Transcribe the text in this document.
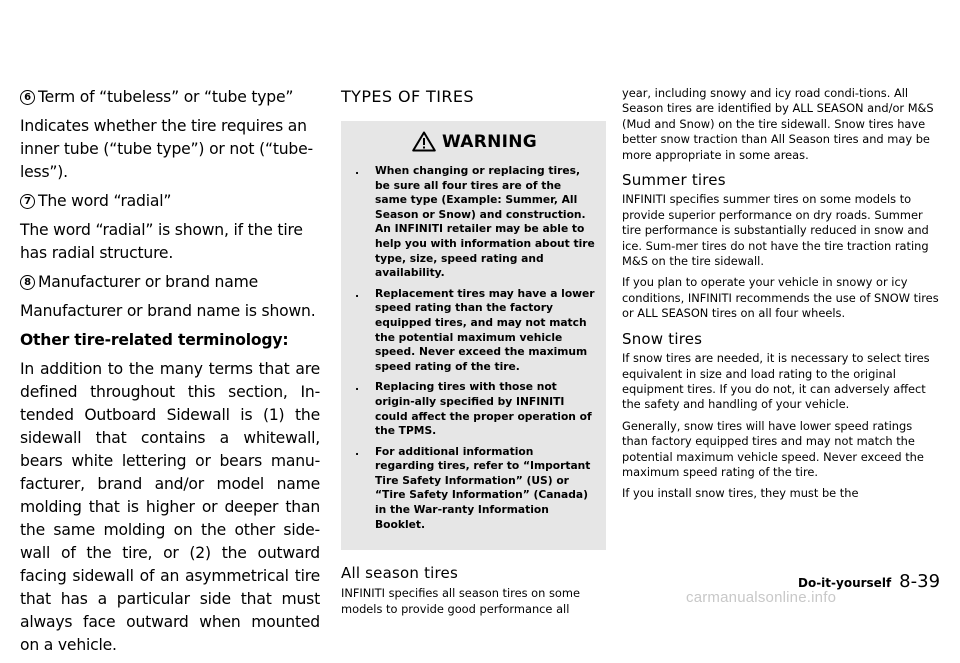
6 Term of “tubeless” or “tube type”

Indicates whether the tire requires an inner tube (“tube type”) or not (“tube-less”).

7 The word “radial”

The word “radial” is shown, if the tire has radial structure.

8 Manufacturer or brand name

Manufacturer or brand name is shown.

Other tire-related terminology:

In addition to the many terms that are defined throughout this section, In-tended Outboard Sidewall is (1) the sidewall that contains a whitewall, bears white lettering or bears manu-facturer, brand and/or model name molding that is higher or deeper than the same molding on the other side-wall of the tire, or (2) the outward facing sidewall of an asymmetrical tire that has a particular side that must always face outward when mounted on a vehicle.

TYPES OF TIRES
WARNING
. When changing or replacing tires, be sure all four tires are of the same type (Example: Summer, All Season or Snow) and construction. An INFINITI retailer may be able to help you with information about tire type, size, speed rating and availability.
. Replacement tires may have a lower speed rating than the factory equipped tires, and may not match the potential maximum vehicle speed. Never exceed the maximum speed rating of the tire.
. Replacing tires with those not origin-ally specified by INFINITI could affect the proper operation of the TPMS.
. For additional information regarding tires, refer to “Important Tire Safety Information” (US) or “Tire Safety Information” (Canada) in the War-ranty Information Booklet.
All season tires

INFINITI specifies all season tires on some models to provide good performance all

year, including snowy and icy road condi-tions. All Season tires are identified by ALL SEASON and/or M&S (Mud and Snow) on the tire sidewall. Snow tires have better snow traction than All Season tires and may be more appropriate in some areas.

Summer tires

INFINITI specifies summer tires on some models to provide superior performance on dry roads. Summer tire performance is substantially reduced in snow and ice. Sum-mer tires do not have the tire traction rating M&S on the tire sidewall.

If you plan to operate your vehicle in snowy or icy conditions, INFINITI recommends the use of SNOW tires or ALL SEASON tires on all four wheels.

Snow tires

If snow tires are needed, it is necessary to select tires equivalent in size and load rating to the original equipment tires. If you do not, it can adversely affect the safety and handling of your vehicle.

Generally, snow tires will have lower speed ratings than factory equipped tires and may not match the potential maximum vehicle speed. Never exceed the maximum speed rating of the tire.

If you install snow tires, they must be the

Do-it-yourself 8-39
carmanualsonline.info
